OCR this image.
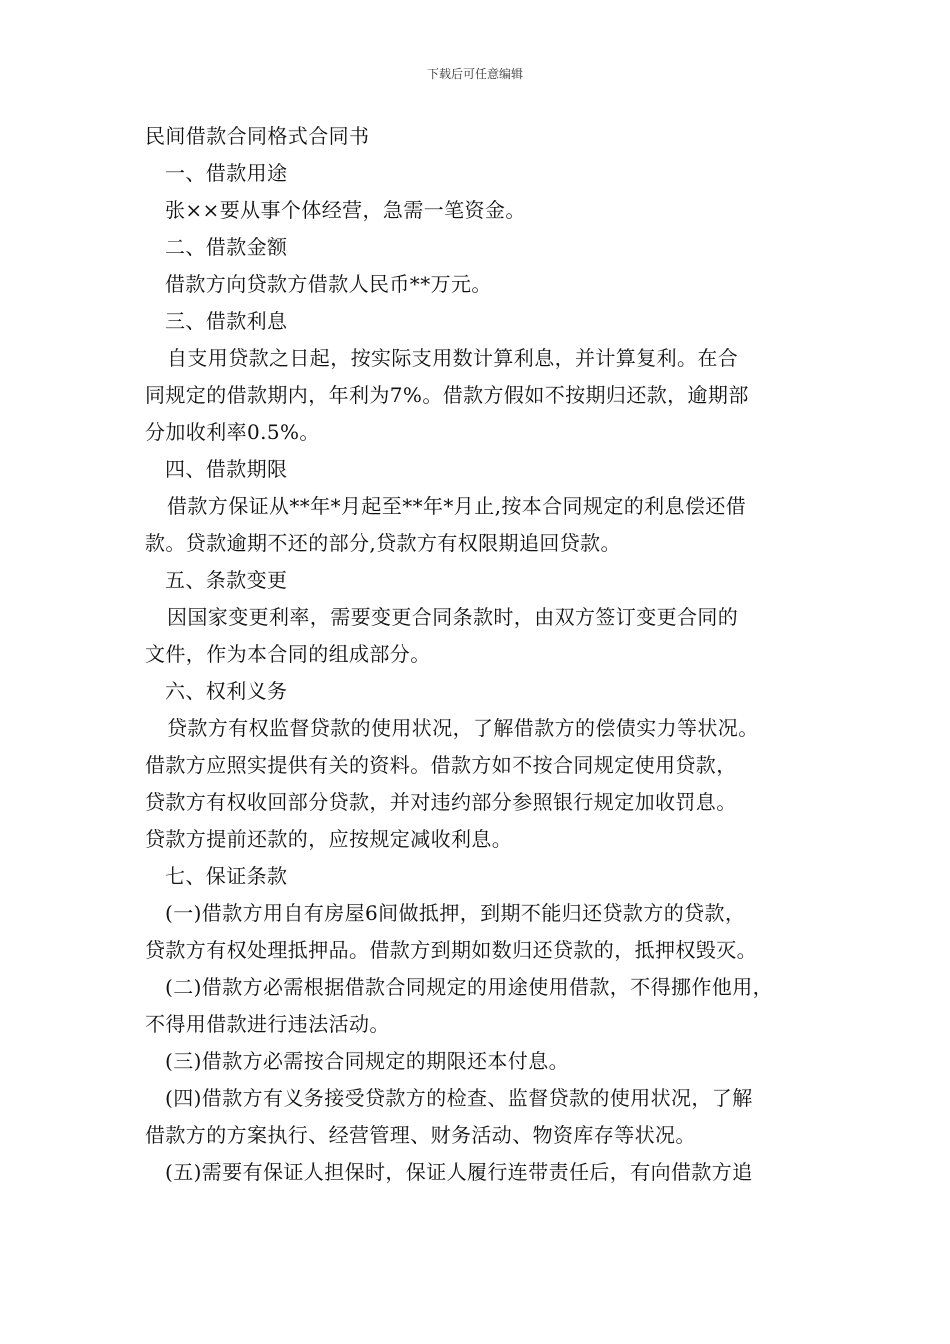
下载后可任意编辑
民间借款合同格式合同书
一、借款用途
张××要从事个体经营，急需一笔资金。
二、借款金额
借款方向贷款方借款人民币**万元。
三、借款利息
自支用贷款之日起，按实际支用数计算利息，并计算复利。在合
同规定的借款期内，年利为7%。借款方假如不按期归还款，逾期部
分加收利率0.5%。
四、借款期限
借款方保证从**年*月起至**年*月止,按本合同规定的利息偿还借
款。贷款逾期不还的部分,贷款方有权限期追回贷款。
五、条款变更
因国家变更利率，需要变更合同条款时，由双方签订变更合同的
文件，作为本合同的组成部分。
六、权利义务
贷款方有权监督贷款的使用状况，了解借款方的偿债实力等状况。
借款方应照实提供有关的资料。借款方如不按合同规定使用贷款，
贷款方有权收回部分贷款，并对违约部分参照银行规定加收罚息。
贷款方提前还款的，应按规定减收利息。
七、保证条款
(一)借款方用自有房屋6间做抵押，到期不能归还贷款方的贷款，
贷款方有权处理抵押品。借款方到期如数归还贷款的，抵押权毁灭。
(二)借款方必需根据借款合同规定的用途使用借款，不得挪作他用，
不得用借款进行违法活动。
(三)借款方必需按合同规定的期限还本付息。
(四)借款方有义务接受贷款方的检查、监督贷款的使用状况，了解
借款方的方案执行、经营管理、财务活动、物资库存等状况。
(五)需要有保证人担保时，保证人履行连带责任后，有向借款方追
